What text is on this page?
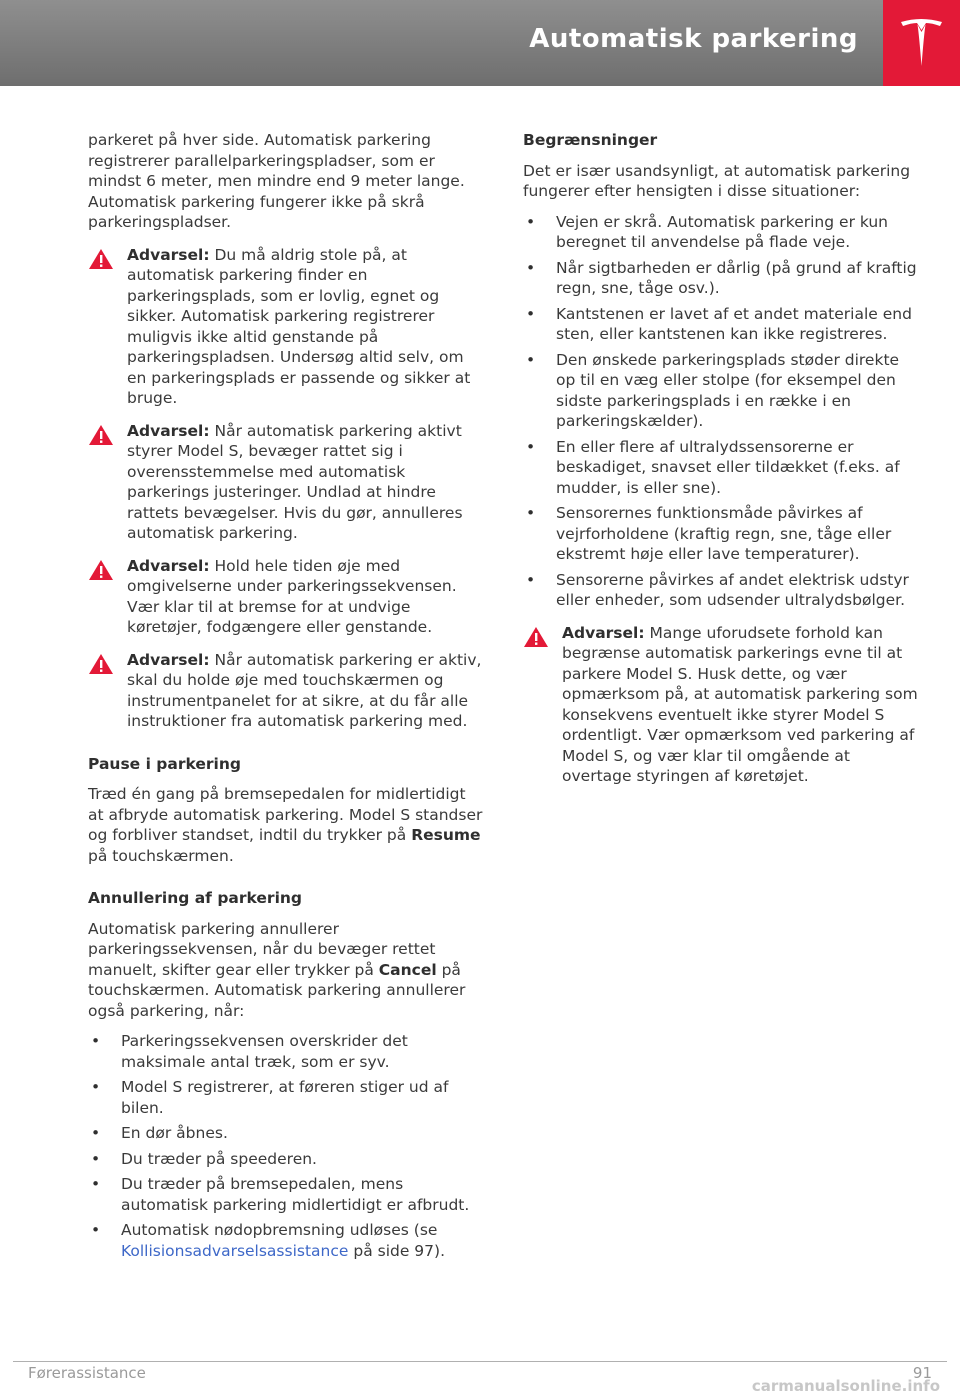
Automatisk parkering

parkeret på hver side. Automatisk parkering registrerer parallelparkeringspladser, som er mindst 6 meter, men mindre end 9 meter lange. Automatisk parkering fungerer ikke på skrå parkeringspladser.

Advarsel: Du må aldrig stole på, at automatisk parkering finder en parkeringsplads, som er lovlig, egnet og sikker. Automatisk parkering registrerer muligvis ikke altid genstande på parkeringspladsen. Undersøg altid selv, om en parkeringsplads er passende og sikker at bruge.
Advarsel: Når automatisk parkering aktivt styrer Model S, bevæger rattet sig i overensstemmelse med automatisk parkerings justeringer. Undlad at hindre rattets bevægelser. Hvis du gør, annulleres automatisk parkering.
Advarsel: Hold hele tiden øje med omgivelserne under parkeringssekvensen. Vær klar til at bremse for at undvige køretøjer, fodgængere eller genstande.
Advarsel: Når automatisk parkering er aktiv, skal du holde øje med touchskærmen og instrumentpanelet for at sikre, at du får alle instruktioner fra automatisk parkering med.
Pause i parkering

Træd én gang på bremsepedalen for midlertidigt at afbryde automatisk parkering. Model S standser og forbliver standset, indtil du trykker på Resume på touchskærmen.

Annullering af parkering

Automatisk parkering annullerer parkeringssekvensen, når du bevæger rettet manuelt, skifter gear eller trykker på Cancel på touchskærmen. Automatisk parkering annullerer også parkering, når:

• Parkeringssekvensen overskrider det maksimale antal træk, som er syv.
• Model S registrerer, at føreren stiger ud af bilen.
• En dør åbnes.
• Du træder på speederen.
• Du træder på bremsepedalen, mens automatisk parkering midlertidigt er afbrudt.
• Automatisk nødopbremsning udløses (se Kollisionsadvarselsassistance på side 97).
Begrænsninger

Det er især usandsynligt, at automatisk parkering fungerer efter hensigten i disse situationer:

• Vejen er skrå. Automatisk parkering er kun beregnet til anvendelse på flade veje.
• Når sigtbarheden er dårlig (på grund af kraftig regn, sne, tåge osv.).
• Kantstenen er lavet af et andet materiale end sten, eller kantstenen kan ikke registreres.
• Den ønskede parkeringsplads støder direkte op til en væg eller stolpe (for eksempel den sidste parkeringsplads i en række i en parkeringskælder).
• En eller flere af ultralydssensorerne er beskadiget, snavset eller tildækket (f.eks. af mudder, is eller sne).
• Sensorernes funktionsmåde påvirkes af vejrforholdene (kraftig regn, sne, tåge eller ekstremt høje eller lave temperaturer).
• Sensorerne påvirkes af andet elektrisk udstyr eller enheder, som udsender ultralydsbølger.
Advarsel: Mange uforudsete forhold kan begrænse automatisk parkerings evne til at parkere Model S. Husk dette, og vær opmærksom på, at automatisk parkering som konsekvens eventuelt ikke styrer Model S ordentligt. Vær opmærksom ved parkering af Model S, og vær klar til omgående at overtage styringen af køretøjet.
Førerassistance	91
carmanualsonline.info
